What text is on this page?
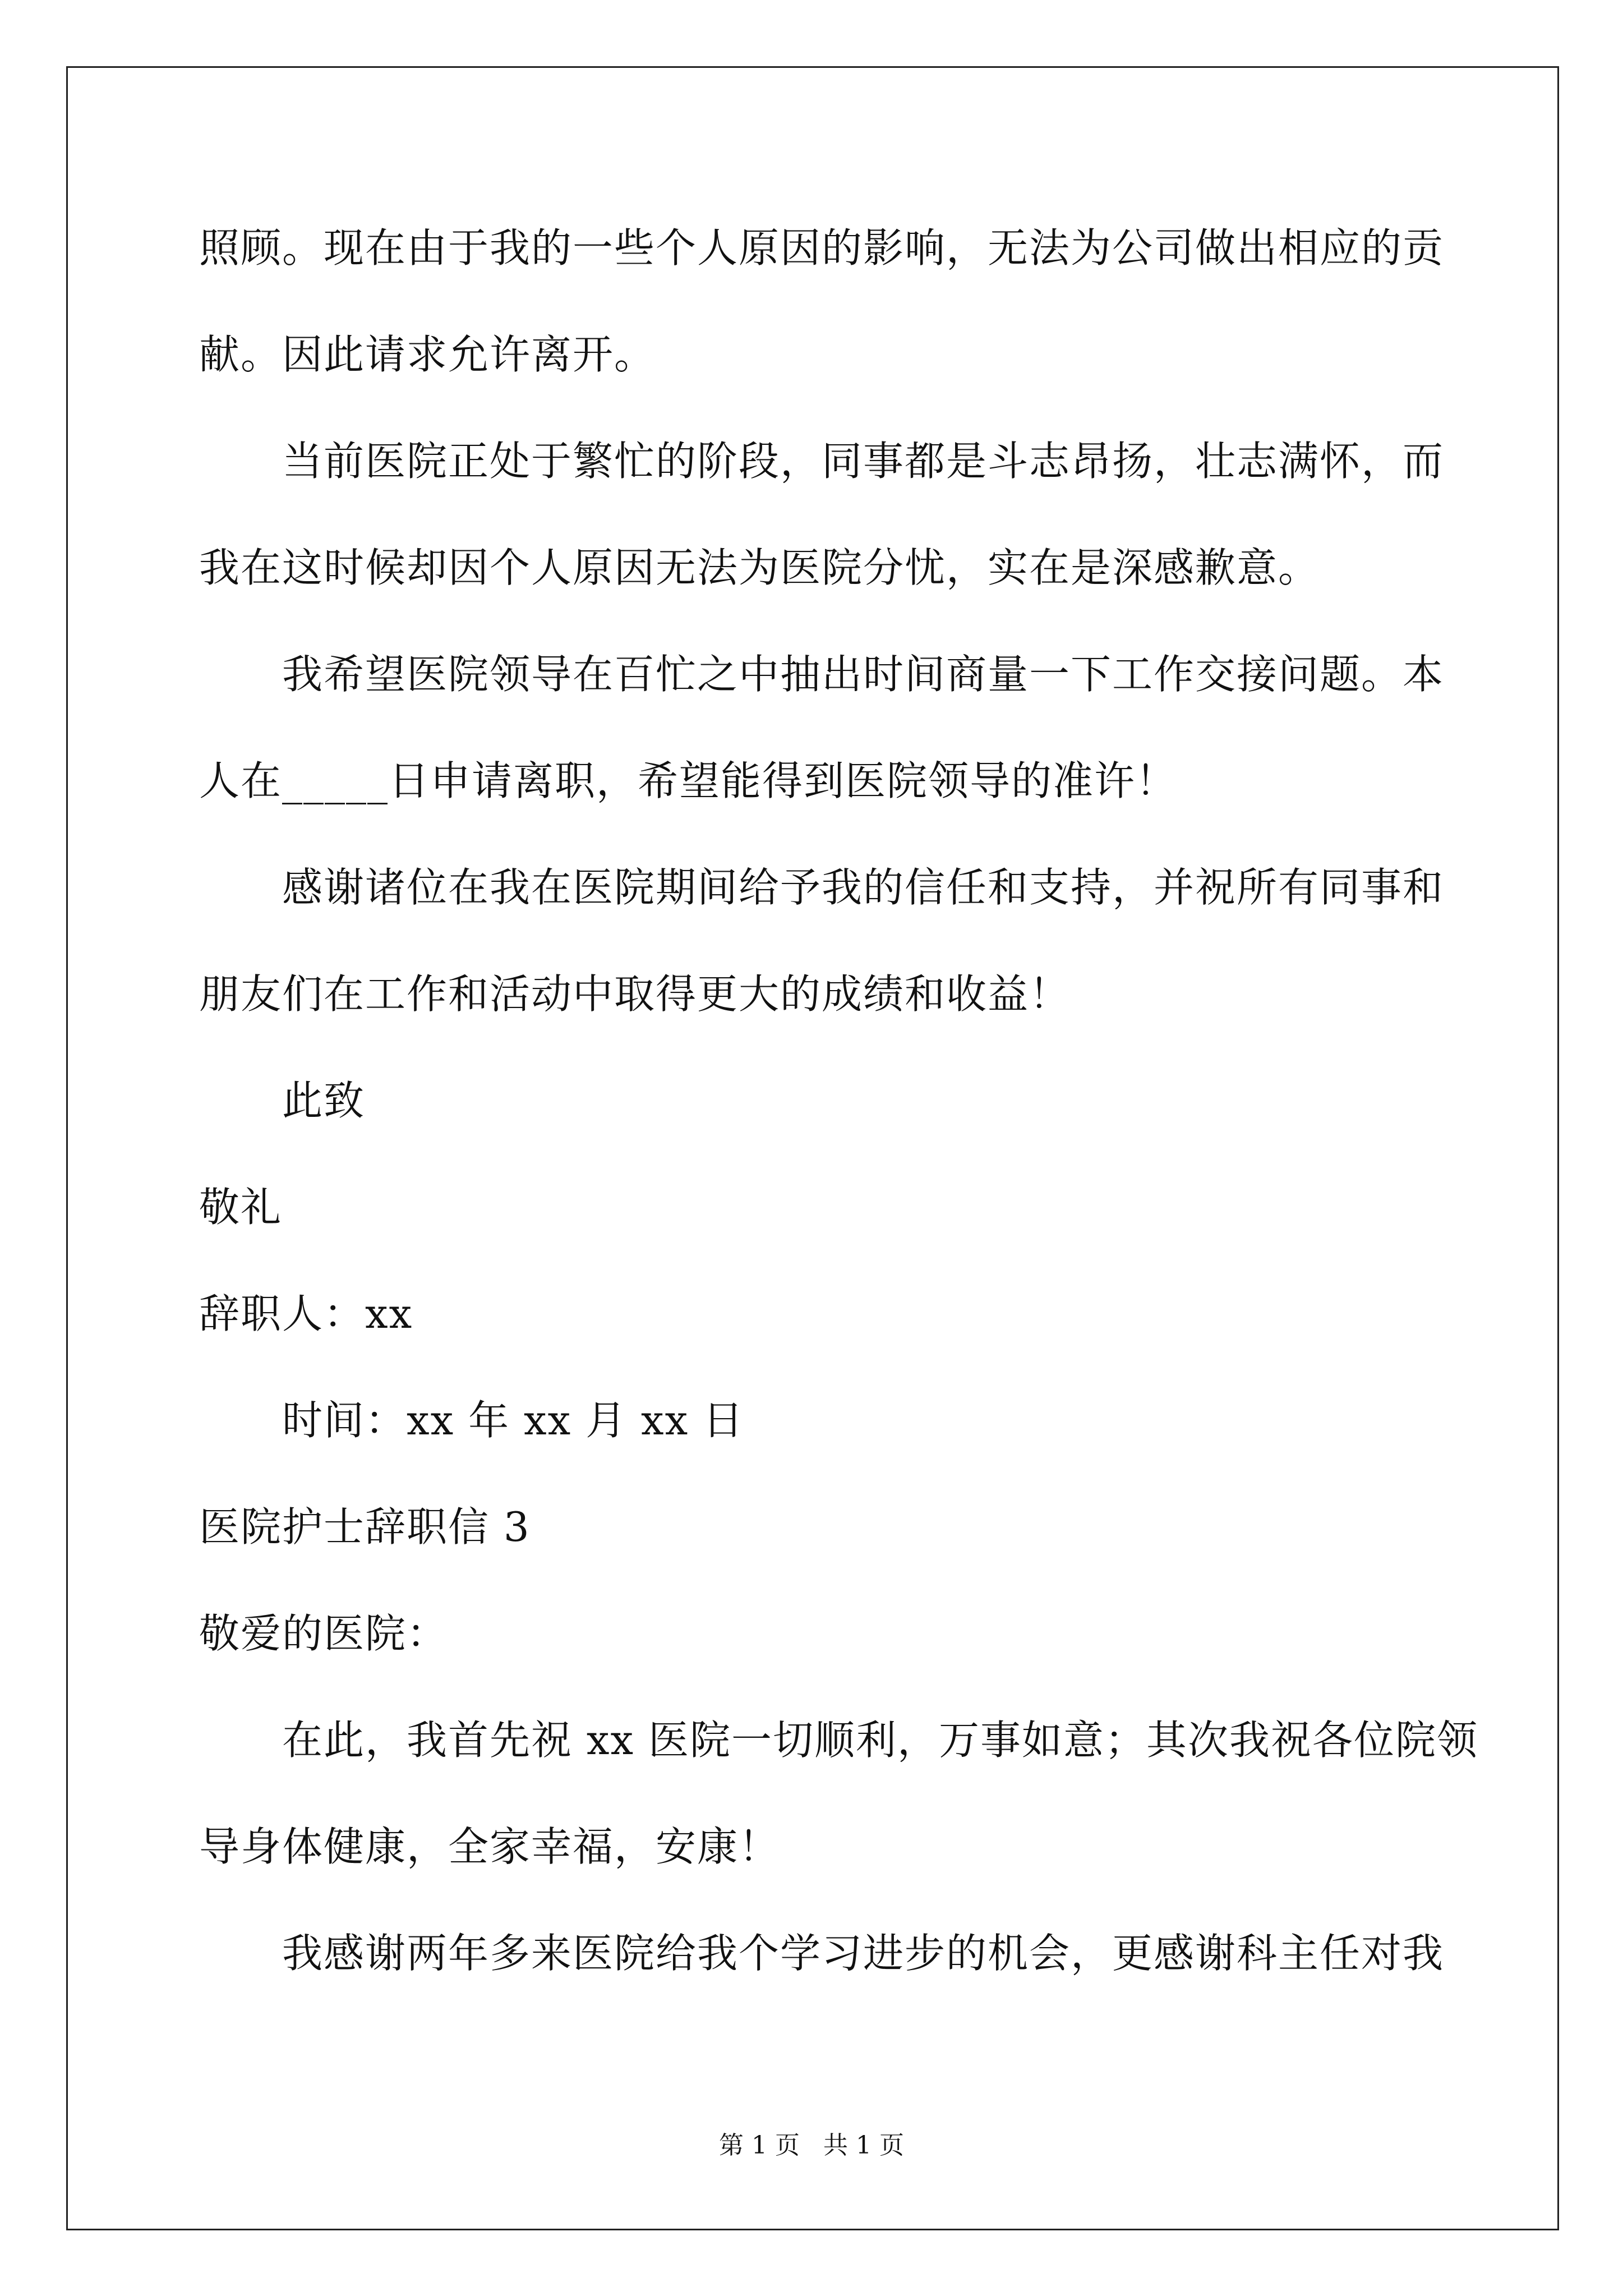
照顾。现在由于我的一些个人原因的影响，无法为公司做出相应的贡
献。因此请求允许离开。
当前医院正处于繁忙的阶段，同事都是斗志昂扬，壮志满怀，而
我在这时候却因个人原因无法为医院分忧，实在是深感歉意。
我希望医院领导在百忙之中抽出时间商量一下工作交接问题。本
人在_____日申请离职，希望能得到医院领导的准许！
感谢诸位在我在医院期间给予我的信任和支持，并祝所有同事和
朋友们在工作和活动中取得更大的成绩和收益！
此致
敬礼
辞职人：xx
时间：xx 年 xx 月 xx 日
医院护士辞职信 3
敬爱的医院：
在此，我首先祝 xx 医院一切顺利，万事如意；其次我祝各位院领
导身体健康，全家幸福，安康！
我感谢两年多来医院给我个学习进步的机会，更感谢科主任对我
第 1 页   共 1 页
